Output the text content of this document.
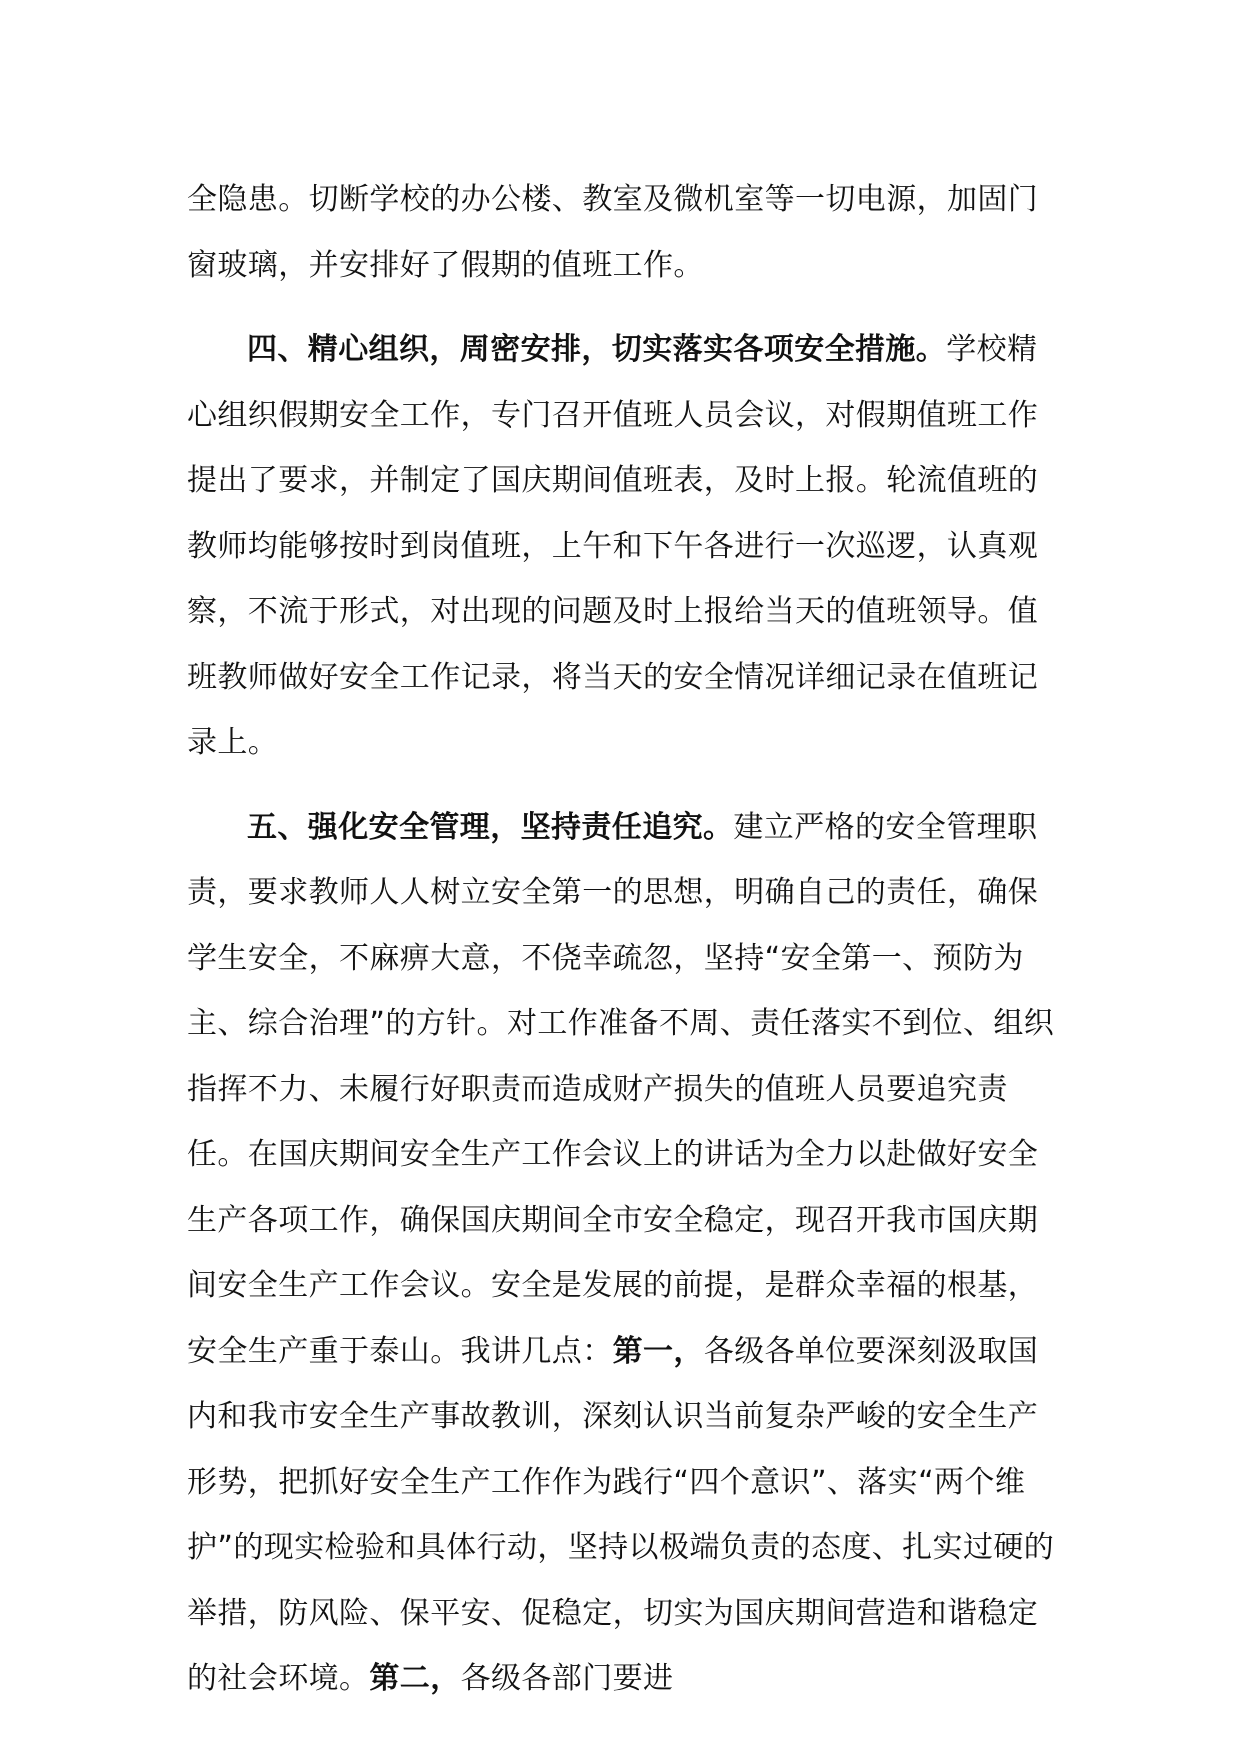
全隐患。切断学校的办公楼、教室及微机室等一切电源，加固门窗玻璃，并安排好了假期的值班工作。

四、精心组织，周密安排，切实落实各项安全措施。学校精心组织假期安全工作，专门召开值班人员会议，对假期值班工作提出了要求，并制定了国庆期间值班表，及时上报。轮流值班的教师均能够按时到岗值班，上午和下午各进行一次巡逻，认真观察，不流于形式，对出现的问题及时上报给当天的值班领导。值班教师做好安全工作记录，将当天的安全情况详细记录在值班记录上。

五、强化安全管理，坚持责任追究。建立严格的安全管理职责，要求教师人人树立安全第一的思想，明确自己的责任，确保学生安全，不麻痹大意，不侥幸疏忽，坚持“安全第一、预防为主、综合治理”的方针。对工作准备不周、责任落实不到位、组织指挥不力、未履行好职责而造成财产损失的值班人员要追究责任。在国庆期间安全生产工作会议上的讲话为全力以赴做好安全生产各项工作，确保国庆期间全市安全稳定，现召开我市国庆期间安全生产工作会议。安全是发展的前提，是群众幸福的根基，安全生产重于泰山。我讲几点：第一，各级各单位要深刻汲取国内和我市安全生产事故教训，深刻认识当前复杂严峻的安全生产形势，把抓好安全生产工作作为践行“四个意识”、落实“两个维护”的现实检验和具体行动，坚持以极端负责的态度、扎实过硬的举措，防风险、保平安、促稳定，切实为国庆期间营造和谐稳定的社会环境。第二，各级各部门要进
